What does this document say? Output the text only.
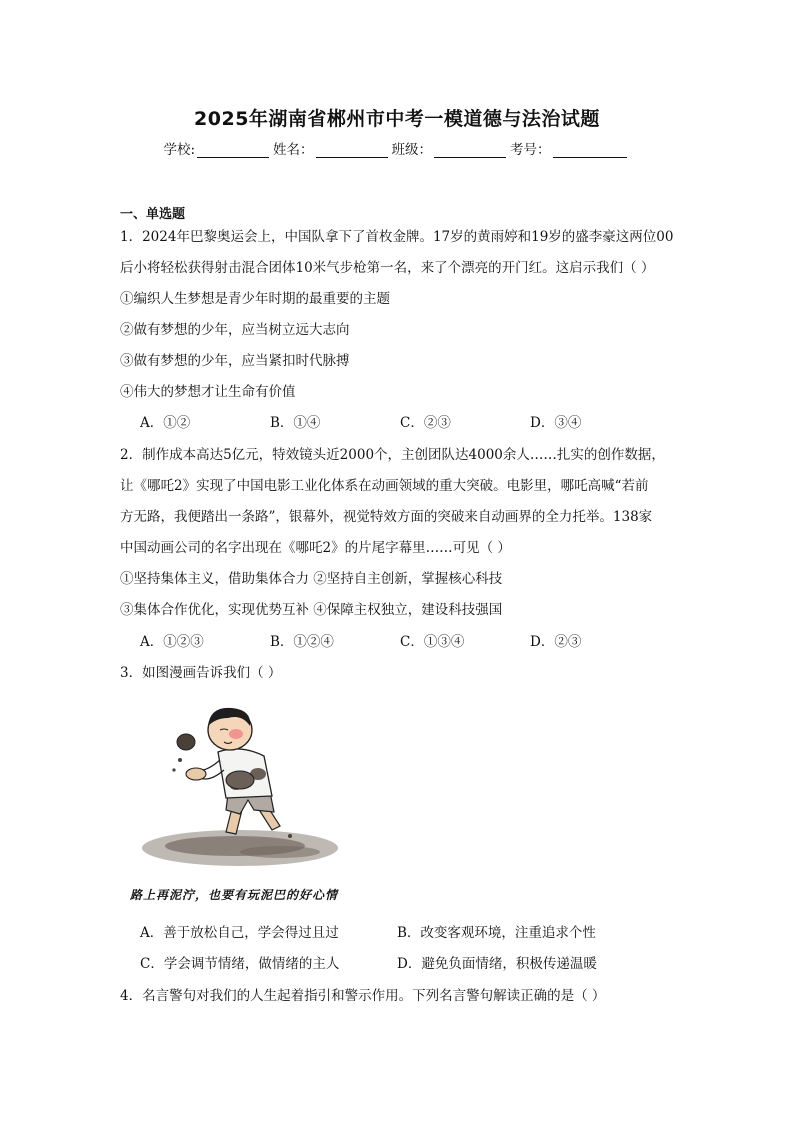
2025年湖南省郴州市中考一模道德与法治试题
学校:	姓名：	班级：	考号：
一、单选题
1．2024年巴黎奥运会上，中国队拿下了首枚金牌。17岁的黄雨婷和19岁的盛李豪这两位00
后小将轻松获得射击混合团体10米气步枪第一名，来了个漂亮的开门红。这启示我们（ ）
①编织人生梦想是青少年时期的最重要的主题
②做有梦想的少年，应当树立远大志向
③做有梦想的少年，应当紧扣时代脉搏
④伟大的梦想才让生命有价值
A．①②	B．①④	C．②③	D．③④
2．制作成本高达5亿元，特效镜头近2000个，主创团队达4000余人……扎实的创作数据，
让《哪吒2》实现了中国电影工业化体系在动画领域的重大突破。电影里，哪吒高喊“若前
方无路，我便踏出一条路”，银幕外，视觉特效方面的突破来自动画界的全力托举。138家
中国动画公司的名字出现在《哪吒2》的片尾字幕里……可见（ ）
①坚持集体主义，借助集体合力 ②坚持自主创新，掌握核心科技
③集体合作优化，实现优势互补 ④保障主权独立，建设科技强国
A．①②③	B．①②④	C．①③④	D．②③
3．如图漫画告诉我们（ ）
路上再泥泞，也要有玩泥巴的好心情
A．善于放松自己，学会得过且过	B．改变客观环境，注重追求个性
C．学会调节情绪，做情绪的主人	D．避免负面情绪，积极传递温暖
4．名言警句对我们的人生起着指引和警示作用。下列名言警句解读正确的是（ ）
